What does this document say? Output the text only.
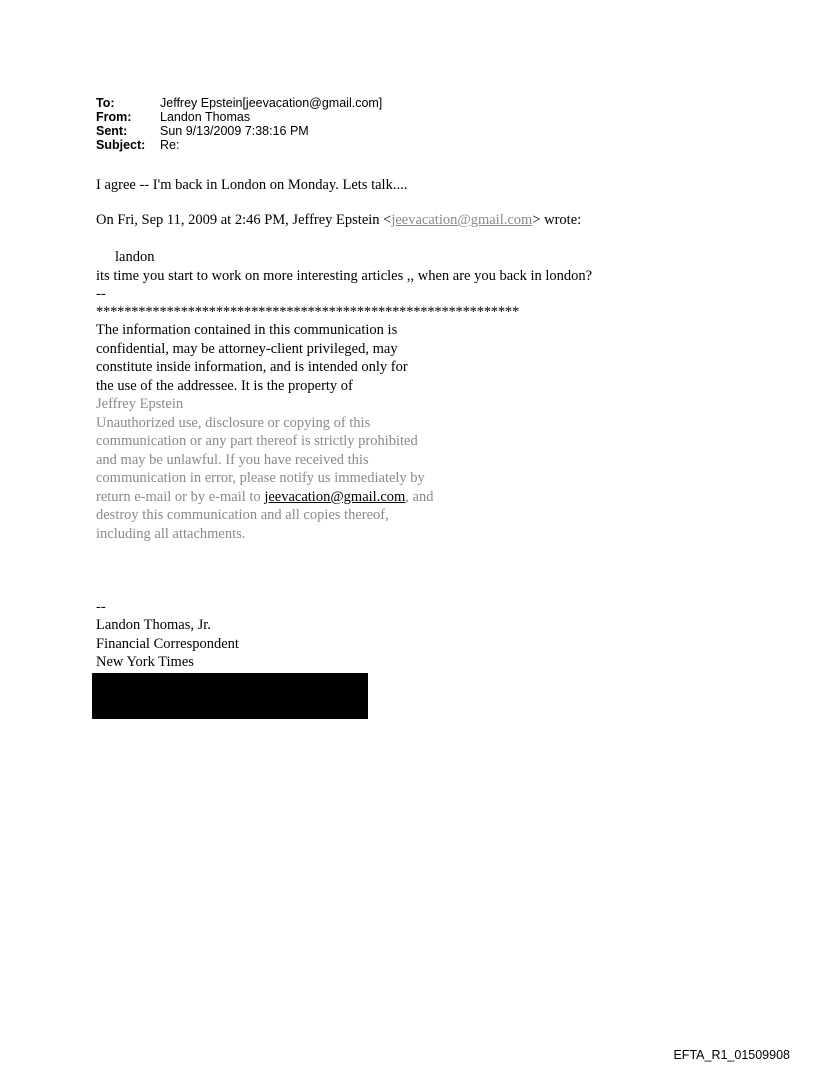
To:	Jeffrey Epstein[jeevacation@gmail.com]
From:	Landon Thomas
Sent:	Sun 9/13/2009 7:38:16 PM
Subject:	Re:
I agree -- I'm back in London on Monday. Lets talk....
On Fri, Sep 11, 2009 at 2:46 PM, Jeffrey Epstein <jeevacation@gmail.com> wrote:
landon
its time you start to work on more interesting articles ,, when are you back in london?
--
************************************************************
The information contained in this communication is
confidential, may be attorney-client privileged, may
constitute inside information, and is intended only for
the use of the addressee. It is the property of
Jeffrey Epstein
Unauthorized use, disclosure or copying of this
communication or any part thereof is strictly prohibited
and may be unlawful. If you have received this
communication in error, please notify us immediately by
return e-mail or by e-mail to jeevacation@gmail.com, and
destroy this communication and all copies thereof,
including all attachments.
--
Landon Thomas, Jr.
Financial Correspondent
New York Times
EFTA_R1_01509908
